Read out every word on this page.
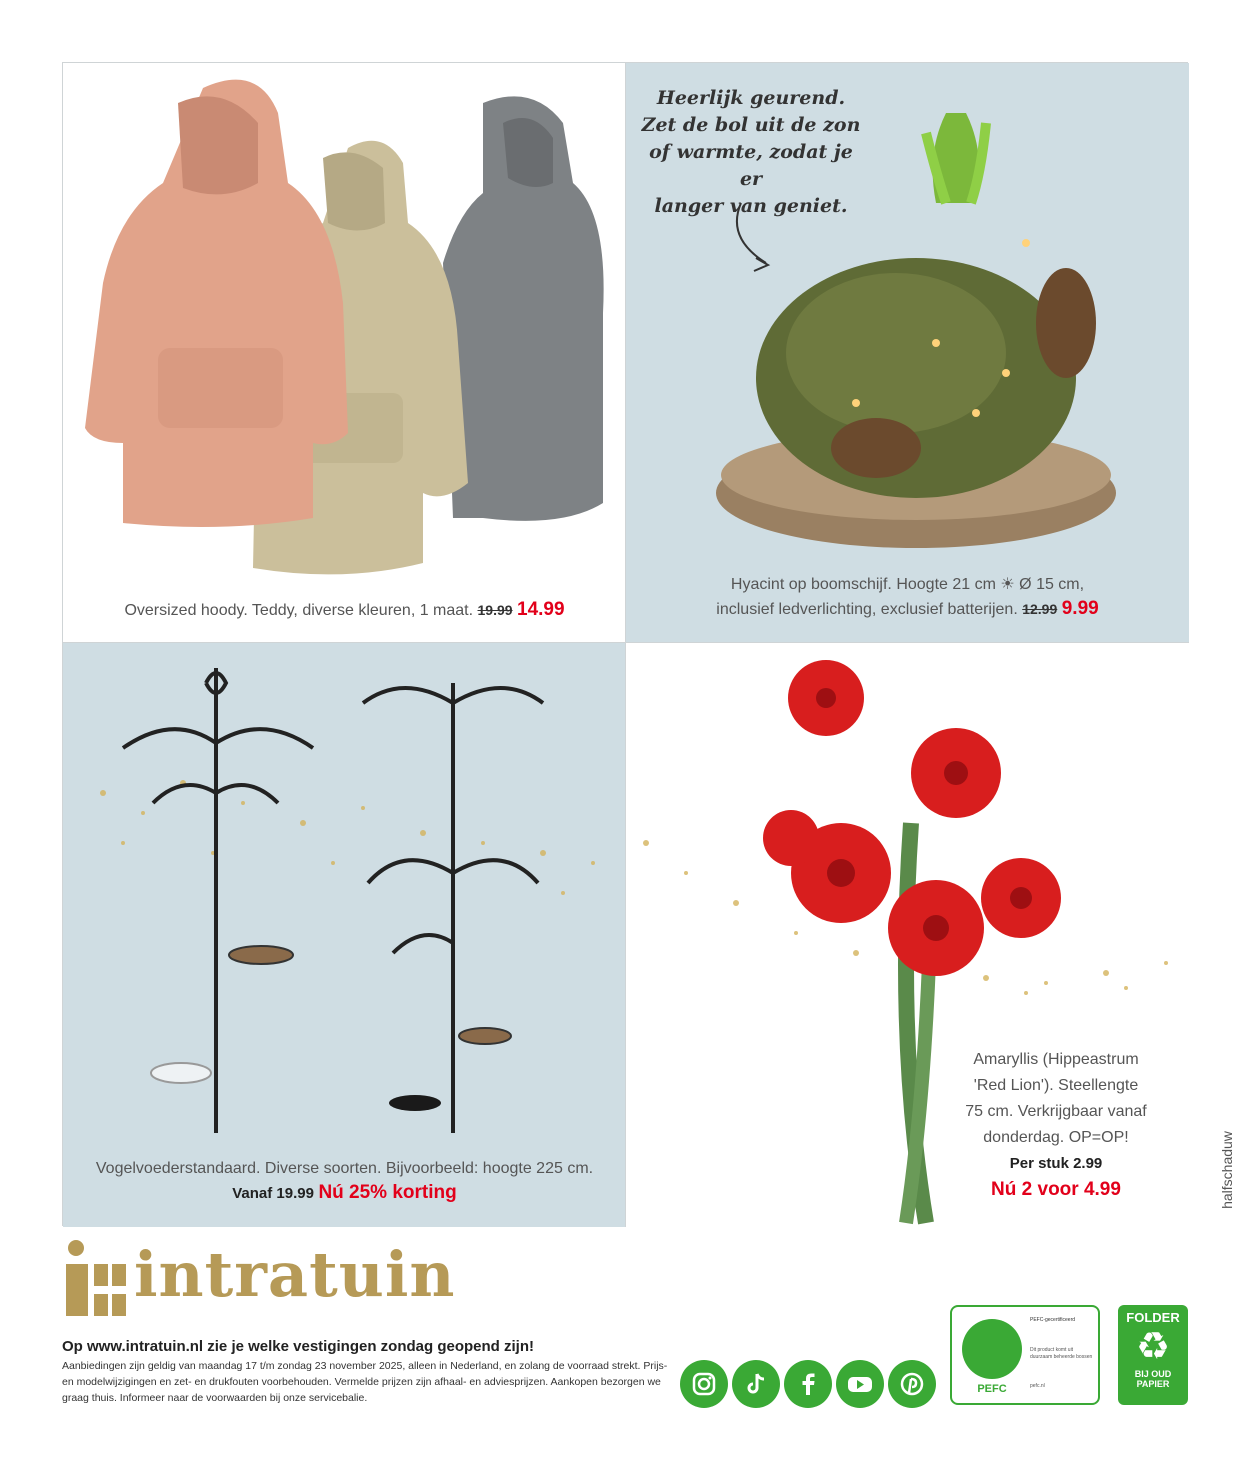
Oversized hoody. Teddy, diverse kleuren, 1 maat. 19.99 14.99
Heerlijk geurend.
Zet de bol uit de zon
of warmte, zodat je er
langer van geniet.
Hyacint op boomschijf. Hoogte 21 cm ☀ Ø 15 cm,
inclusief ledverlichting, exclusief batterijen. 12.99 9.99
Vogelvoederstandaard. Diverse soorten. Bijvoorbeeld: hoogte 225 cm.
Vanaf 19.99 Nú 25% korting
Amaryllis (Hippeastrum
'Red Lion'). Steellengte
75 cm. Verkrijgbaar vanaf
donderdag. OP=OP!
Per stuk 2.99
Nú 2 voor 4.99	halfschaduw
intratuin
Op www.intratuin.nl zie je welke vestigingen zondag geopend zijn!
Aanbiedingen zijn geldig van maandag 17 t/m zondag 23 november 2025, alleen in Nederland, en zolang de voorraad strekt. Prijs- en modelwijzigingen en zet- en drukfouten voorbehouden. Vermelde prijzen zijn afhaal- en adviesprijzen. Aankopen bezorgen we graag thuis. Informeer naar de voorwaarden bij onze servicebalie.
PEFC
PEFC-gecertificeerd
Dit product komt uit duurzaam beheerde bossen
pefc.nl
FOLDER
♻
BIJ OUD
PAPIER
